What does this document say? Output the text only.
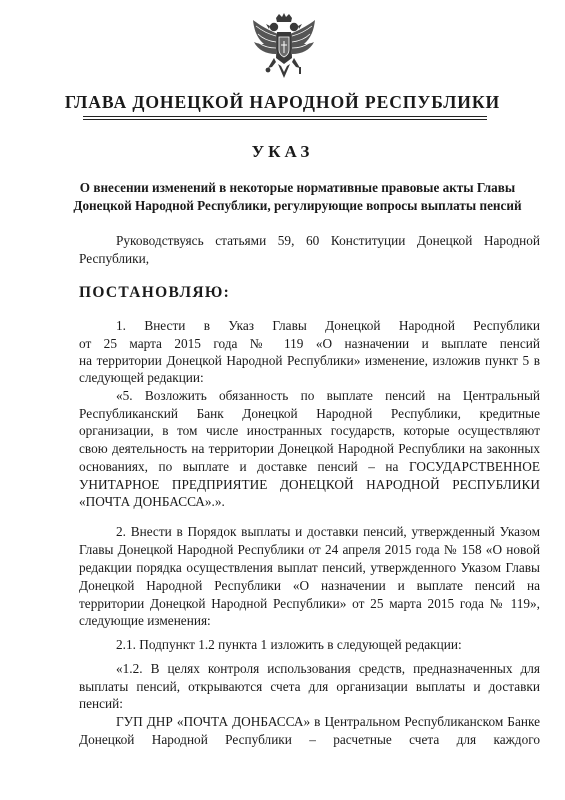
ГЛАВА ДОНЕЦКОЙ НАРОДНОЙ РЕСПУБЛИКИ
УКАЗ
О внесении изменений в некоторые нормативные правовые акты Главы Донецкой Народной Республики, регулирующие вопросы выплаты пенсий
Руководствуясь статьями 59, 60 Конституции Донецкой Народной
Республики,
ПОСТАНОВЛЯЮ:
1. Внести в Указ Главы Донецкой Народной Республики
от 25 марта 2015 года № 119 «О назначении и выплате пенсий
на территории Донецкой Народной Республики» изменение, изложив пункт 5 в
следующей редакции:
«5. Возложить обязанность по выплате пенсий на Центральный
Республиканский Банк Донецкой Народной Республики, кредитные
организации, в том числе иностранных государств, которые осуществляют
свою деятельность на территории Донецкой Народной Республики на законных
основаниях, по выплате и доставке пенсий – на ГОСУДАРСТВЕННОЕ
УНИТАРНОЕ ПРЕДПРИЯТИЕ ДОНЕЦКОЙ НАРОДНОЙ РЕСПУБЛИКИ
«ПОЧТА ДОНБАССА».».
2. Внести в Порядок выплаты и доставки пенсий, утвержденный Указом
Главы Донецкой Народной Республики от 24 апреля 2015 года № 158 «О новой
редакции порядка осуществления выплат пенсий, утвержденного Указом Главы
Донецкой Народной Республики «О назначении и выплате пенсий на
территории Донецкой Народной Республики» от 25 марта 2015 года № 119»,
следующие изменения:
2.1. Подпункт 1.2 пункта 1 изложить в следующей редакции:
«1.2. В целях контроля использования средств, предназначенных для
выплаты пенсий, открываются счета для организации выплаты и доставки
пенсий:
ГУП ДНР «ПОЧТА ДОНБАССА» в Центральном Республиканском Банке
Донецкой Народной Республики – расчетные счета для каждого
